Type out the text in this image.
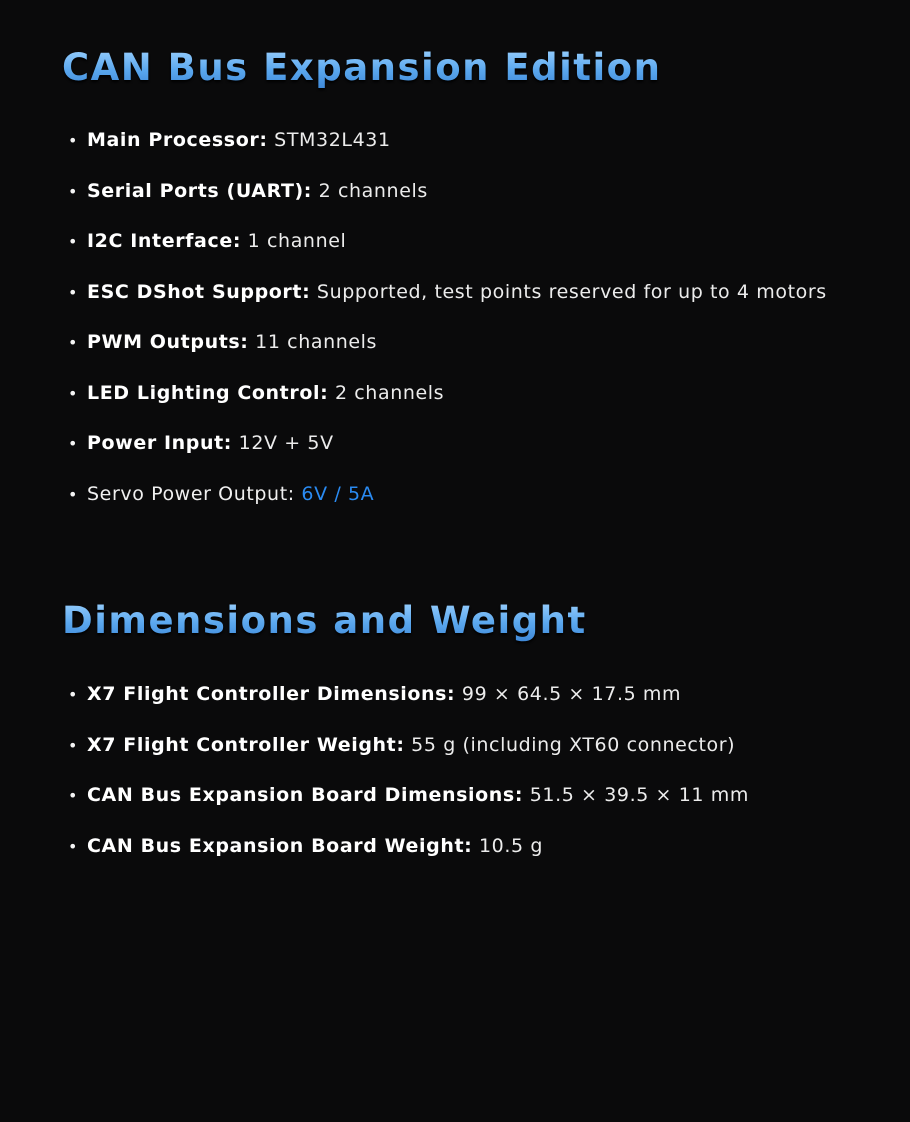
CAN Bus Expansion Edition
• Main Processor: STM32L431
• Serial Ports (UART): 2 channels
• I2C Interface: 1 channel
• ESC DShot Support: Supported, test points reserved for up to 4 motors
• PWM Outputs: 11 channels
• LED Lighting Control: 2 channels
• Power Input: 12V + 5V
• Servo Power Output: 6V / 5A
Dimensions and Weight
• X7 Flight Controller Dimensions: 99 × 64.5 × 17.5 mm
• X7 Flight Controller Weight: 55 g (including XT60 connector)
• CAN Bus Expansion Board Dimensions: 51.5 × 39.5 × 11 mm
• CAN Bus Expansion Board Weight: 10.5 g
